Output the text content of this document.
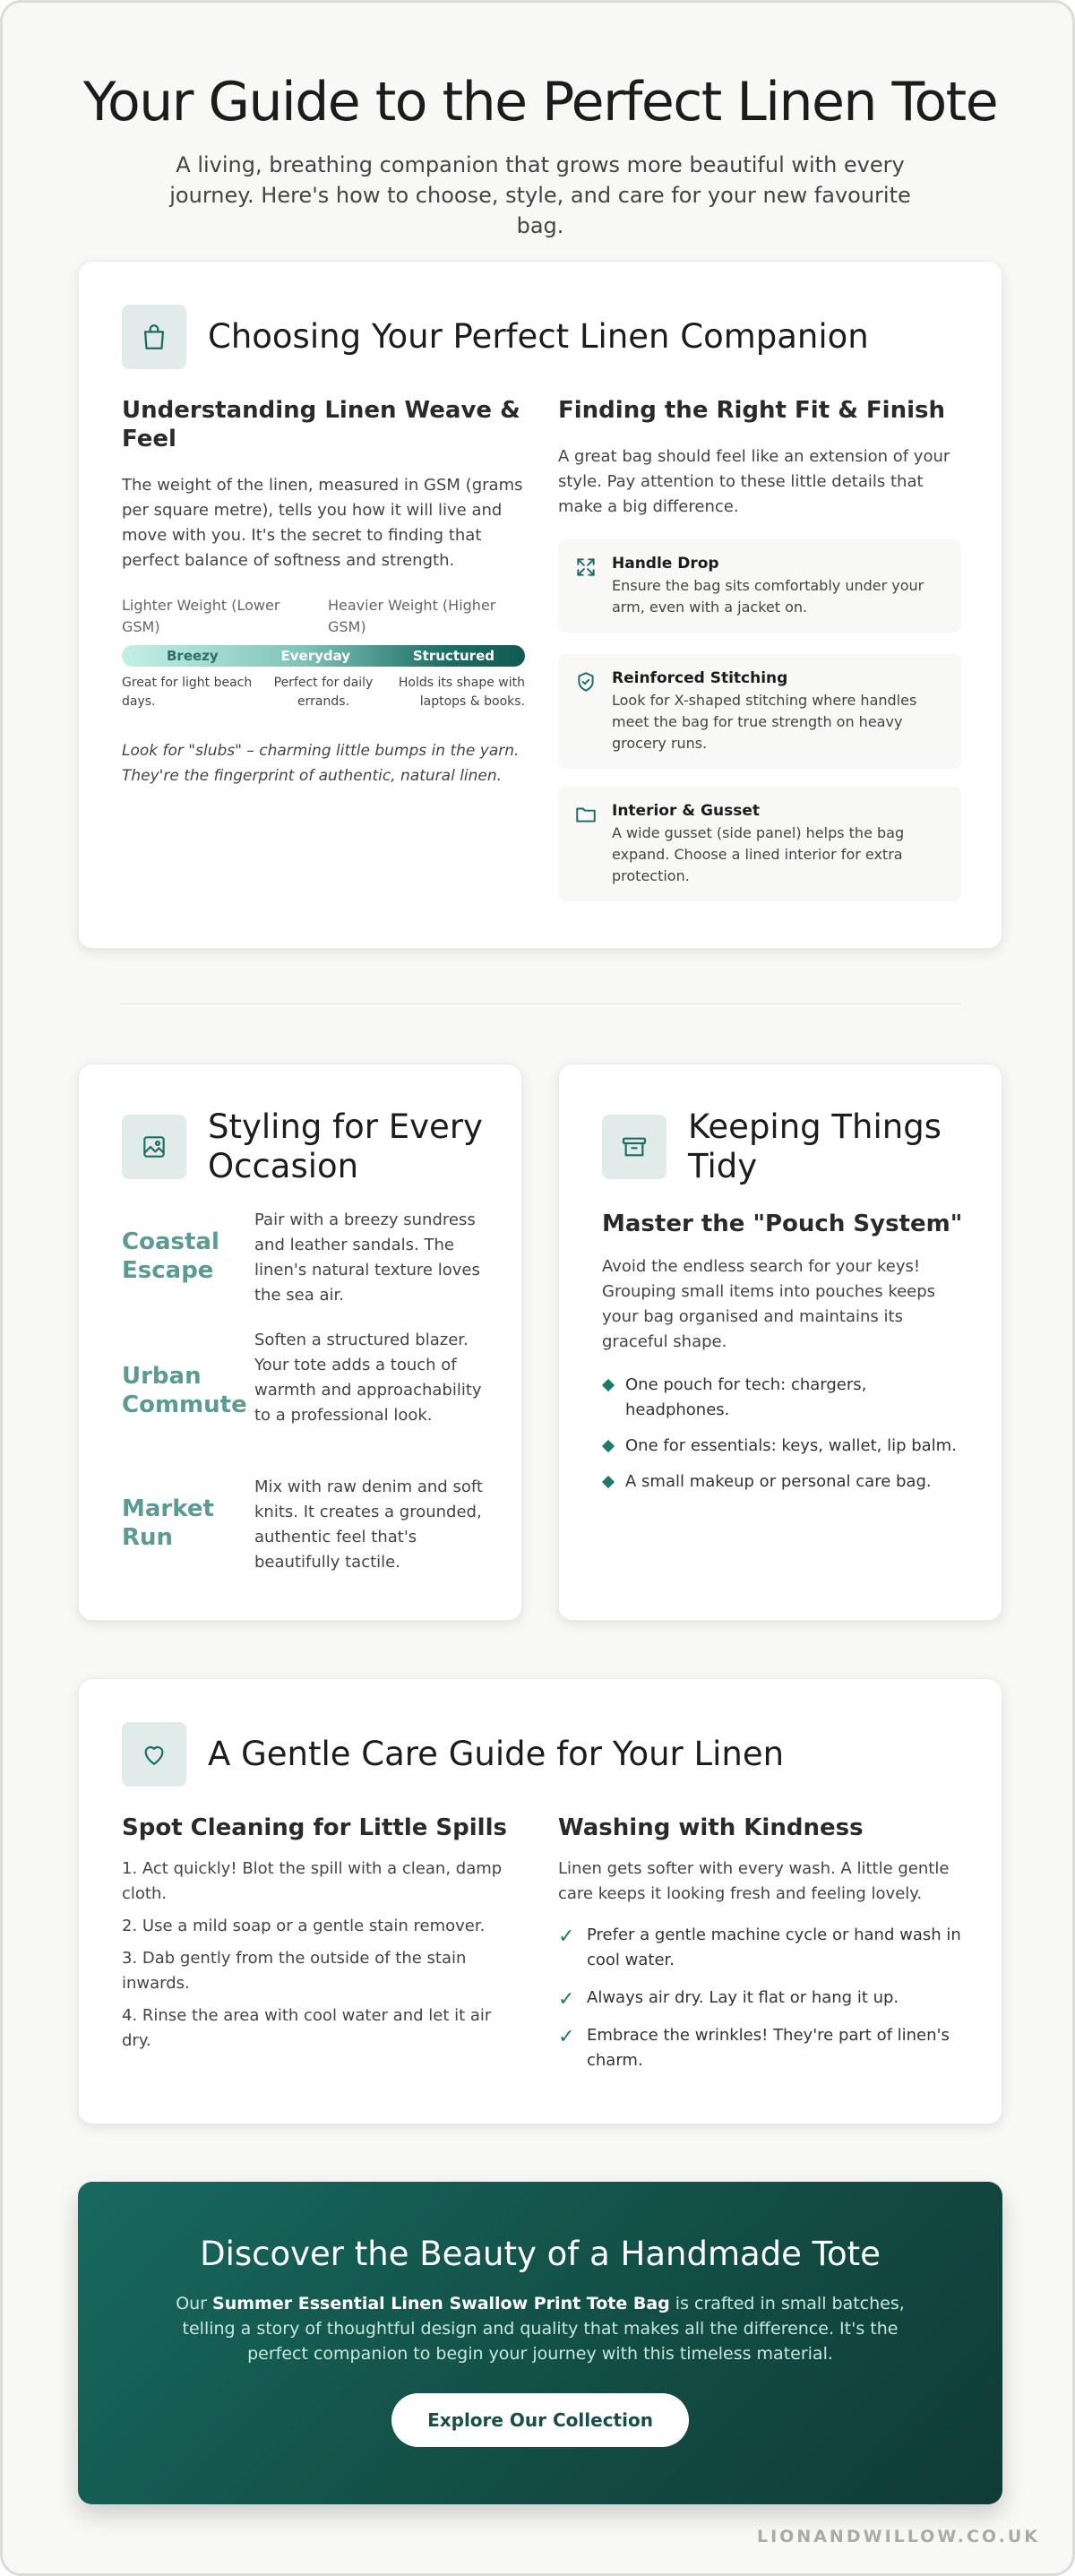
Your Guide to the Perfect Linen Tote

A living, breathing companion that grows more beautiful with every journey. Here's how to choose, style, and care for your new favourite bag.

Choosing Your Perfect Linen Companion
Understanding Linen Weave & Feel

The weight of the linen, measured in GSM (grams per square metre), tells you how it will live and move with you. It's the secret to finding that perfect balance of softness and strength.

Lighter Weight (Lower GSM)
Heavier Weight (Higher GSM)
Breezy	Everyday	Structured
Great for light beach days.
Perfect for daily errands.
Holds its shape with laptops & books.

Look for "slubs" – charming little bumps in the yarn. They're the fingerprint of authentic, natural linen.

Finding the Right Fit & Finish

A great bag should feel like an extension of your style. Pay attention to these little details that make a big difference.

Handle Drop
Ensure the bag sits comfortably under your arm, even with a jacket on.
Reinforced Stitching
Look for X-shaped stitching where handles meet the bag for true strength on heavy grocery runs.
Interior & Gusset
A wide gusset (side panel) helps the bag expand. Choose a lined interior for extra protection.
Styling for Every Occasion
Coastal Escape
Pair with a breezy sundress and leather sandals. The linen's natural texture loves the sea air.
Urban Commute
Soften a structured blazer. Your tote adds a touch of warmth and approachability to a professional look.
Market Run
Mix with raw denim and soft knits. It creates a grounded, authentic feel that's beautifully tactile.
Keeping Things Tidy
Master the "Pouch System"

Avoid the endless search for your keys! Grouping small items into pouches keeps your bag organised and maintains its graceful shape.

One pouch for tech: chargers, headphones.
One for essentials: keys, wallet, lip balm.
A small makeup or personal care bag.
A Gentle Care Guide for Your Linen
Spot Cleaning for Little Spills

1. Act quickly! Blot the spill with a clean, damp cloth.

2. Use a mild soap or a gentle stain remover.

3. Dab gently from the outside of the stain inwards.

4. Rinse the area with cool water and let it air dry.

Washing with Kindness

Linen gets softer with every wash. A little gentle care keeps it looking fresh and feeling lovely.

✓ Prefer a gentle machine cycle or hand wash in cool water.
✓ Always air dry. Lay it flat or hang it up.
✓ Embrace the wrinkles! They're part of linen's charm.
Discover the Beauty of a Handmade Tote

Our Summer Essential Linen Swallow Print Tote Bag is crafted in small batches, telling a story of thoughtful design and quality that makes all the difference. It's the perfect companion to begin your journey with this timeless material.

Explore Our Collection
LIONANDWILLOW.CO.UK
